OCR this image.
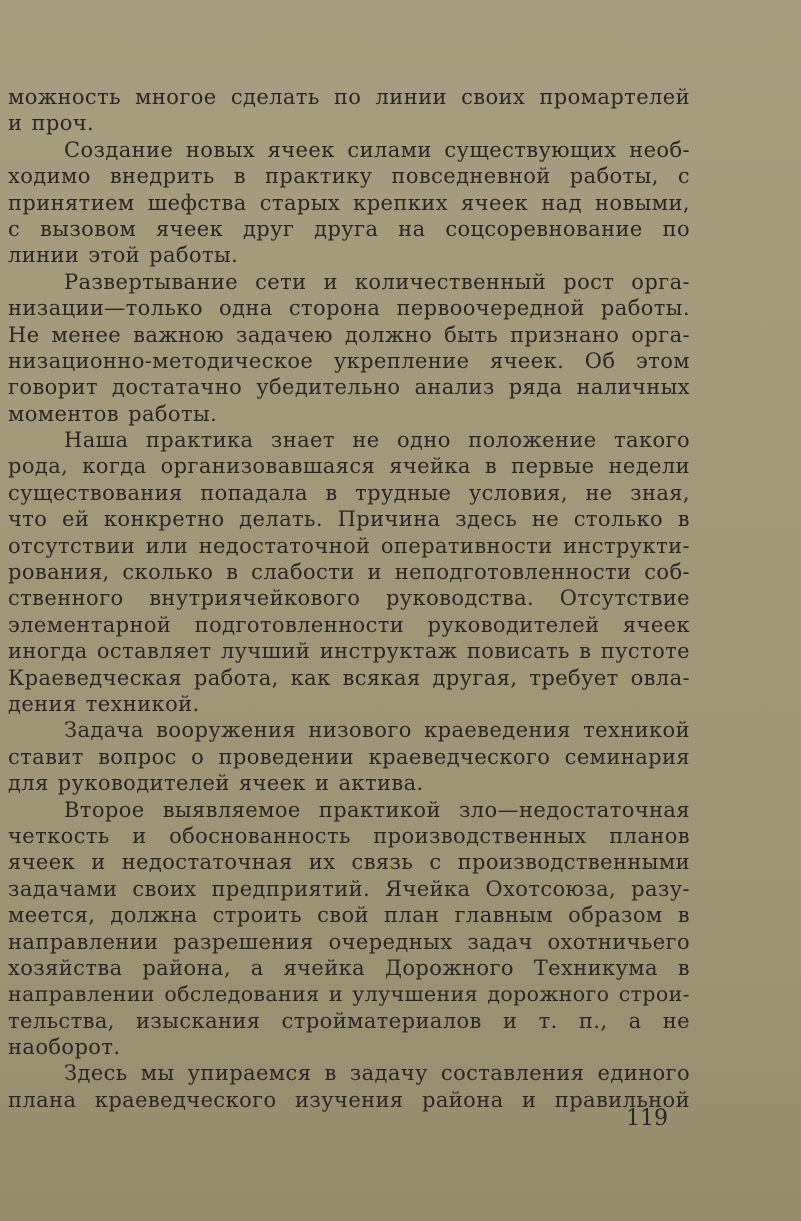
можность многое сделать по линии своих промартелей
и проч.
Создание новых ячеек силами существующих необ-
ходимо внедрить в практику повседневной работы, с
принятием шефства старых крепких ячеек над новыми,
с вызовом ячеек друг друга на соцсоревнование по
линии этой работы.
Развертывание сети и количественный рост орга-
низации—только одна сторона первоочередной работы.
Не менее важною задачею должно быть признано орга-
низационно-методическое укрепление ячеек. Об этом
говорит достатачно убедительно анализ ряда наличных
моментов работы.
Наша практика знает не одно положение такого
рода, когда организовавшаяся ячейка в первые недели
существования попадала в трудные условия, не зная,
что ей конкретно делать. Причина здесь не столько в
отсутствии или недостаточной оперативности инструкти-
рования, сколько в слабости и неподготовленности соб-
ственного внутриячейкового руководства. Отсутствие
элементарной подготовленности руководителей ячеек
иногда оставляет лучший инструктаж повисать в пустоте
Краеведческая работа, как всякая другая, требует овла-
дения техникой.
Задача вооружения низового краеведения техникой
ставит вопрос о проведении краеведческого семинария
для руководителей ячеек и актива.
Второе выявляемое практикой зло—недостаточная
четкость и обоснованность производственных планов
ячеек и недостаточная их связь с производственными
задачами своих предприятий. Ячейка Охотсоюза, разу-
меется, должна строить свой план главным образом в
направлении разрешения очередных задач охотничьего
хозяйства района, а ячейка Дорожного Техникума в
направлении обследования и улучшения дорожного строи-
тельства, изыскания стройматериалов и т. п., а не
наоборот.
Здесь мы упираемся в задачу составления единого
плана краеведческого изучения района и правильной
119
